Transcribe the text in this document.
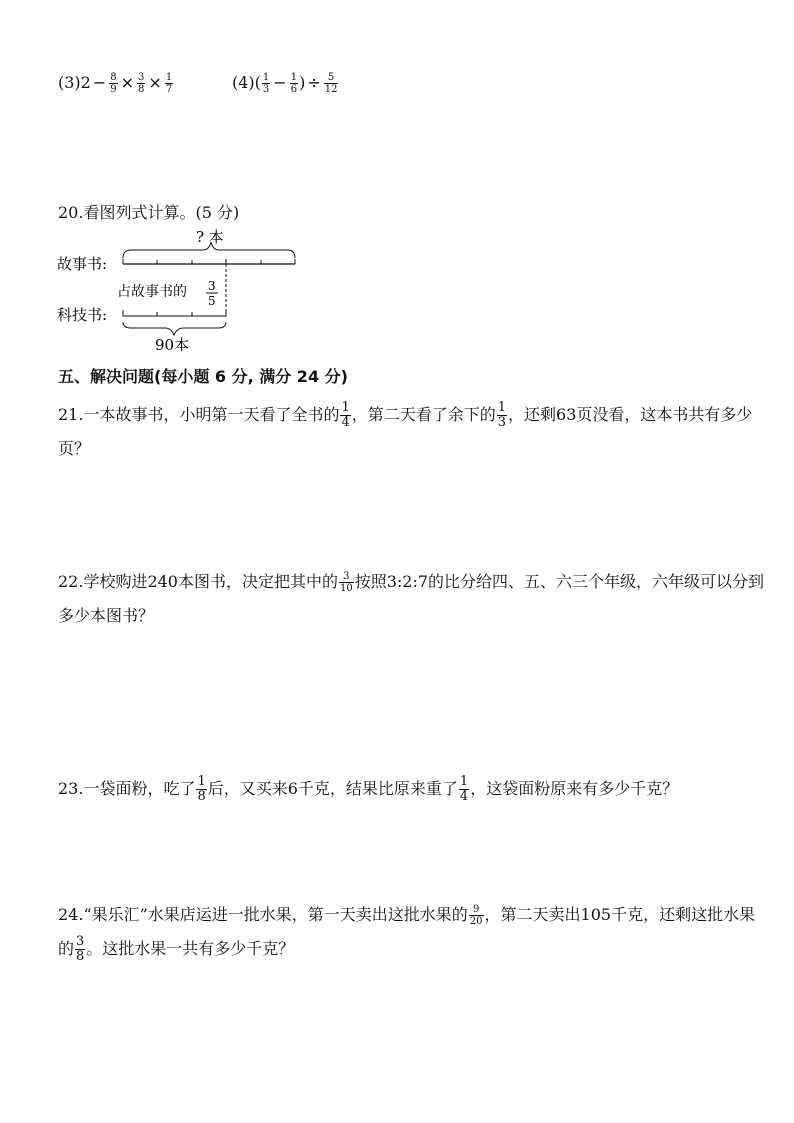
$(3)2 - \frac{8}{9} \times \frac{3}{8} \times \frac{1}{7}$	$(4)( \frac{1}{3} - \frac{1}{6}$ ) ÷ $\frac{5}{12}$
20.看图列式计算。(5 分)
? 本
故事书:
科技书:
占故事书的 3
5
90本
五、解决问题(每小题 6 分, 满分 24 分)
21.一本故事书，小明第一天看了全书的 $\frac{1}{4}$ ，第二天看了余下的 $\frac{1}{3}$ ，还剩63页没看，这本书共有多少页？
22.学校购进240本图书，决定把其中的 $\frac{3}{10}$ 按照3:2:7的比分给四、五、六三个年级，六年级可以分到多少本图书？
23.一袋面粉，吃了 $\frac{1}{8}$ 后，又买来6千克，结果比原来重了 $\frac{1}{4}$ ，这袋面粉原来有多少千克？
24.“果乐汇”水果店运进一批水果，第一天卖出这批水果的 $\frac{9}{20}$ ，第二天卖出105千克，还剩这批水果的 $\frac{3}{8}$ 。这批水果一共有多少千克？
